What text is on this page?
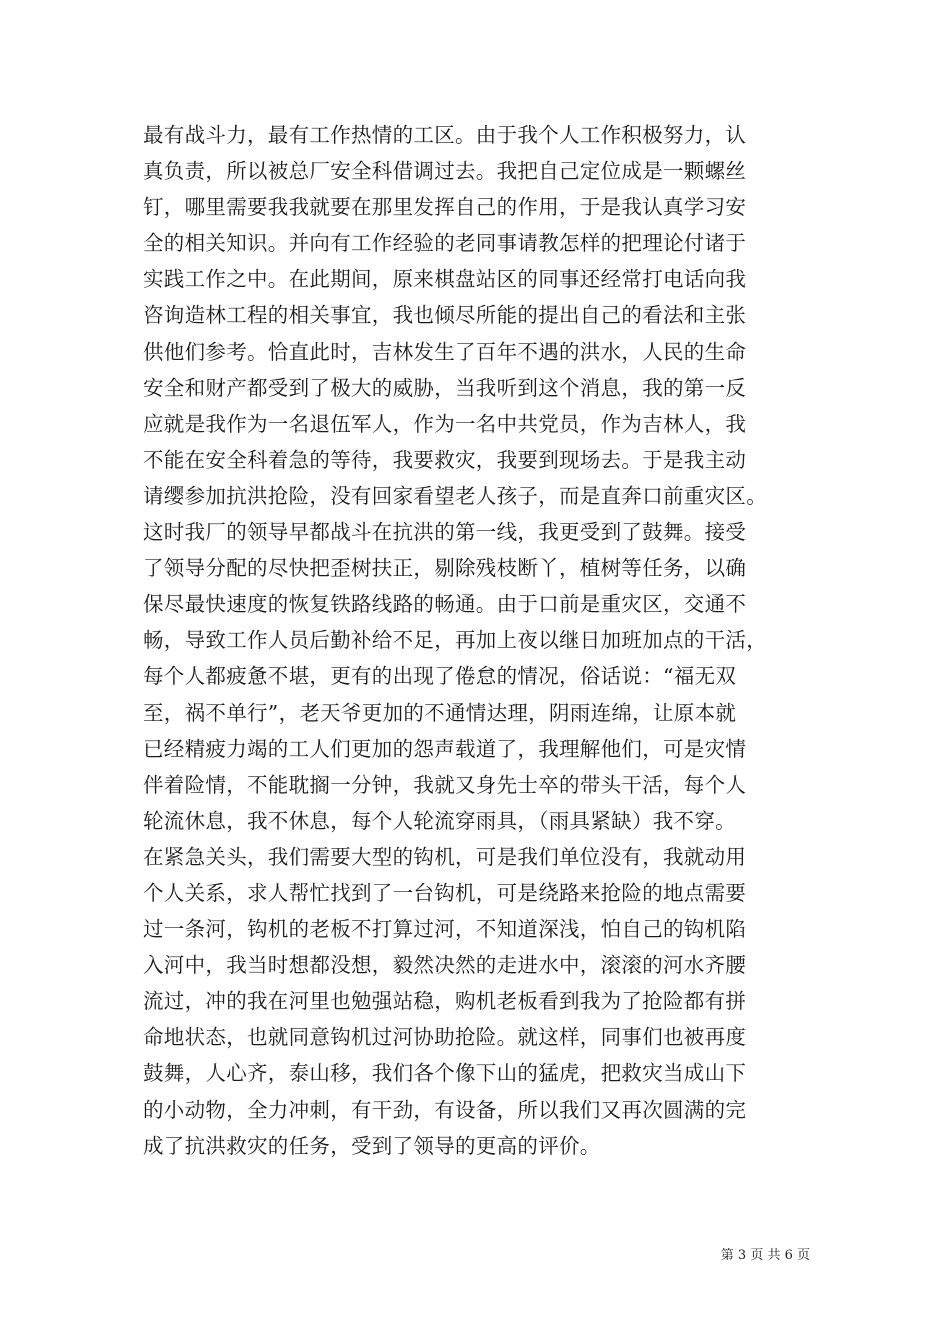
最有战斗力，最有工作热情的工区。由于我个人工作积极努力，认
真负责，所以被总厂安全科借调过去。我把自己定位成是一颗螺丝
钉，哪里需要我我就要在那里发挥自己的作用，于是我认真学习安
全的相关知识。并向有工作经验的老同事请教怎样的把理论付诸于
实践工作之中。在此期间，原来棋盘站区的同事还经常打电话向我
咨询造林工程的相关事宜，我也倾尽所能的提出自己的看法和主张
供他们参考。恰直此时，吉林发生了百年不遇的洪水，人民的生命
安全和财产都受到了极大的威胁，当我听到这个消息，我的第一反
应就是我作为一名退伍军人，作为一名中共党员，作为吉林人，我
不能在安全科着急的等待，我要救灾，我要到现场去。于是我主动
请缨参加抗洪抢险，没有回家看望老人孩子，而是直奔口前重灾区。
这时我厂的领导早都战斗在抗洪的第一线，我更受到了鼓舞。接受
了领导分配的尽快把歪树扶正，剔除残枝断丫，植树等任务，以确
保尽最快速度的恢复铁路线路的畅通。由于口前是重灾区，交通不
畅，导致工作人员后勤补给不足，再加上夜以继日加班加点的干活，
每个人都疲惫不堪，更有的出现了倦怠的情况，俗话说：“福无双
至，祸不单行”，老天爷更加的不通情达理，阴雨连绵，让原本就
已经精疲力竭的工人们更加的怨声载道了，我理解他们，可是灾情
伴着险情，不能耽搁一分钟，我就又身先士卒的带头干活，每个人
轮流休息，我不休息，每个人轮流穿雨具，（雨具紧缺）我不穿。
在紧急关头，我们需要大型的钩机，可是我们单位没有，我就动用
个人关系，求人帮忙找到了一台钩机，可是绕路来抢险的地点需要
过一条河，钩机的老板不打算过河，不知道深浅，怕自己的钩机陷
入河中，我当时想都没想，毅然决然的走进水中，滚滚的河水齐腰
流过，冲的我在河里也勉强站稳，购机老板看到我为了抢险都有拼
命地状态，也就同意钩机过河协助抢险。就这样，同事们也被再度
鼓舞，人心齐，泰山移，我们各个像下山的猛虎，把救灾当成山下
的小动物，全力冲刺，有干劲，有设备，所以我们又再次圆满的完
成了抗洪救灾的任务，受到了领导的更高的评价。
第 3 页 共 6 页
